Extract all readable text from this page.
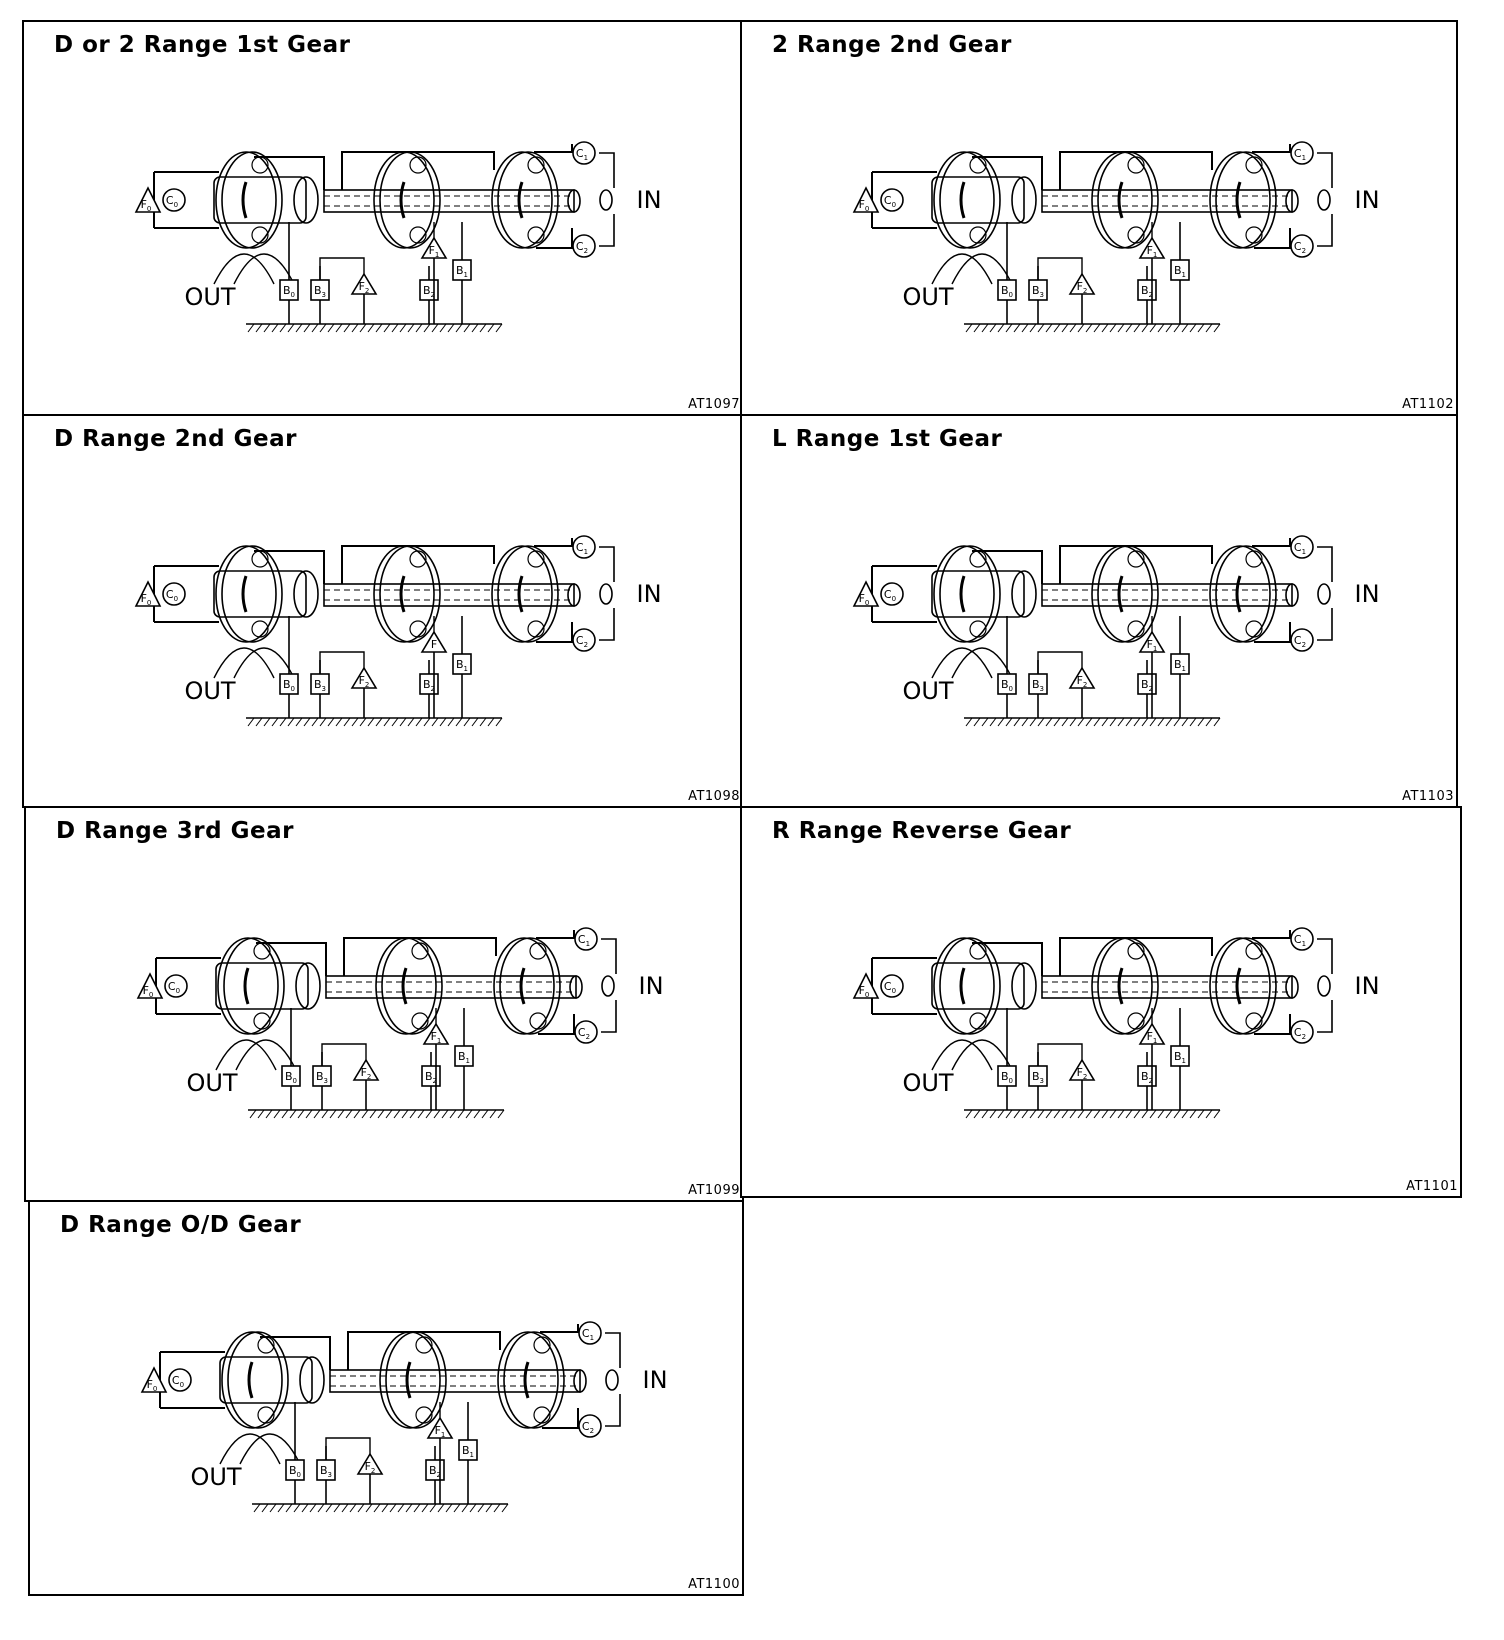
D or 2 Range 1st Gear
$C_0$
$F_0$
$C_1$
$C_2$
OUT
IN
$B_0$ $B_3$	$B_2$
$B_1$
$F_2$
$F_1$
AT1097
2 Range 2nd Gear
$C_0$
$F_0$
$C_1$
$C_2$
OUT
IN
$B_0$ $B_3$	$B_2$
$B_1$
$F_2$
$F_1$
AT1102
D Range 2nd Gear
$C_0$
$F_0$
$C_1$
$C_2$
OUT
IN
$B_0$ $B_3$	$B_2$
$B_1$
$F_2$
F
AT1098
L Range 1st Gear
$C_0$
$F_0$
$C_1$
$C_2$
OUT
IN
$B_0$ $B_3$	$B_2$
$B_1$
$F_2$
$F_1$
AT1103
D Range 3rd Gear
$C_0$
$F_0$
$C_1$
$C_2$
OUT
IN
$B_0$ $B_3$	$B_2$
$B_1$
$F_2$
$F_1$
AT1099
R Range Reverse Gear
$C_0$
$F_0$
$C_1$
$C_2$
OUT
IN
$B_0$ $B_3$	$B_2$
$B_1$
$F_2$
$F_1$
AT1101
D Range O/D Gear
$C_0$
$F_0$
$C_1$
$C_2$
OUT
IN
$B_0$ $B_3$	$B_2$
$B_1$
$F_2$
$F_1$
AT1100
